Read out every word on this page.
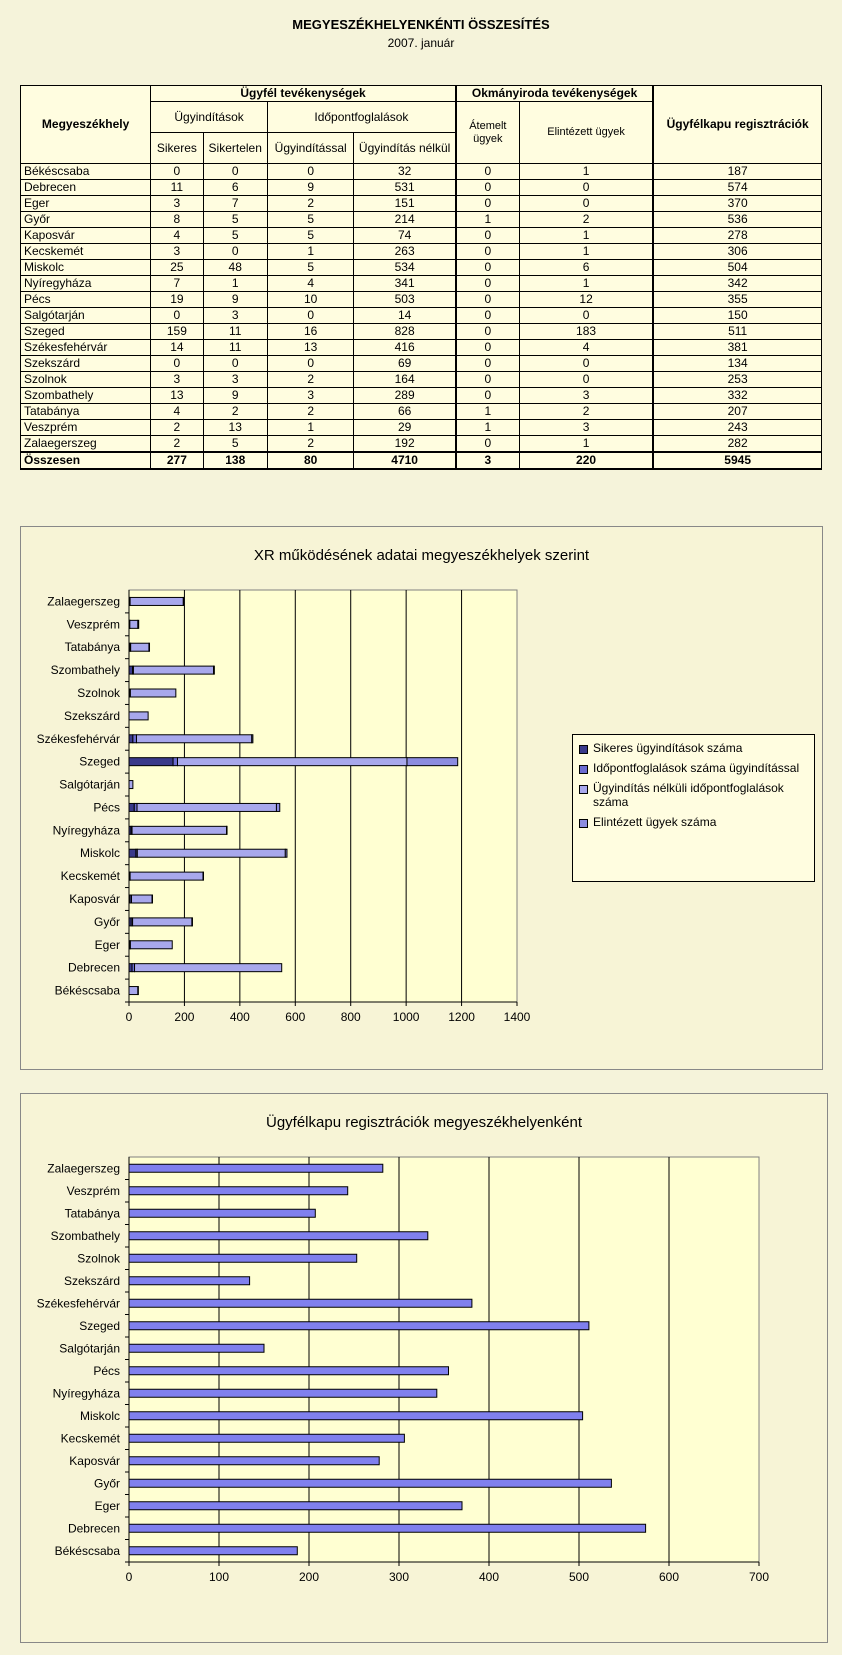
MEGYESZÉKHELYENKÉNTI ÖSSZESÍTÉS
2007. január
Megyeszékhely	Ügyfél tevékenységek				Okmányiroda tevékenységek		Ügyfélkapu regisztrációk
	Ügyindítások		Időpontfoglalások		Átemelt ügyek	Elintézett ügyek	
	Sikeres	Sikertelen	Ügyindítással	Ügyindítás nélkül			
Békéscsaba	0	0	0	32	0	1	187
Debrecen	11	6	9	531	0	0	574
Eger	3	7	2	151	0	0	370
Győr	8	5	5	214	1	2	536
Kaposvár	4	5	5	74	0	1	278
Kecskemét	3	0	1	263	0	1	306
Miskolc	25	48	5	534	0	6	504
Nyíregyháza	7	1	4	341	0	1	342
Pécs	19	9	10	503	0	12	355
Salgótarján	0	3	0	14	0	0	150
Szeged	159	11	16	828	0	183	511
Székesfehérvár	14	11	13	416	0	4	381
Szekszárd	0	0	0	69	0	0	134
Szolnok	3	3	2	164	0	0	253
Szombathely	13	9	3	289	0	3	332
Tatabánya	4	2	2	66	1	2	207
Veszprém	2	13	1	29	1	3	243
Zalaegerszeg	2	5	2	192	0	1	282
Összesen	277	138	80	4710	3	220	5945
XR működésének adatai megyeszékhelyek szerint
0	200	400	600	800	1000 1200 1400
Békéscsaba
Debrecen
Eger
Győr
Kaposvár
Kecskemét
Miskolc
Nyíregyháza
Pécs
Salgótarján
Szeged
Székesfehérvár
Szekszárd
Szolnok
Szombathely
Tatabánya
Veszprém
Zalaegerszeg
Sikeres ügyindítások száma
Időpontfoglalások száma ügyindítással
Ügyindítás nélküli időpontfoglalások száma
Elintézett ügyek száma
Ügyfélkapu regisztrációk megyeszékhelyenként
0	100	200	300	400	500	600	700
Békéscsaba
Debrecen
Eger
Győr
Kaposvár
Kecskemét
Miskolc
Nyíregyháza
Pécs
Salgótarján
Szeged
Székesfehérvár
Szekszárd
Szolnok
Szombathely
Tatabánya
Veszprém
Zalaegerszeg
